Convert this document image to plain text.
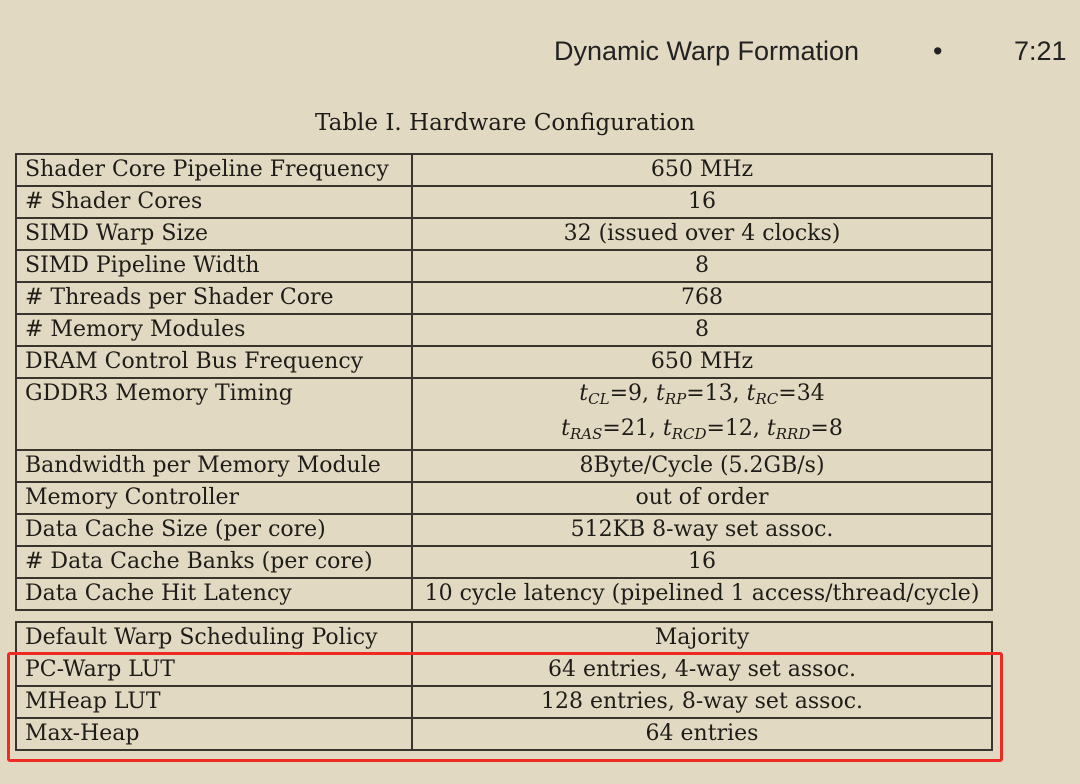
Dynamic Warp Formation	•	7:21
Table I. Hardware Configuration
Shader Core Pipeline Frequency	650 MHz
# Shader Cores	16
SIMD Warp Size	32 (issued over 4 clocks)
SIMD Pipeline Width	8
# Threads per Shader Core	768
# Memory Modules	8
DRAM Control Bus Frequency	650 MHz
GDDR3 Memory Timing	$t_{CL}=9$, $t_{RP}=13$, $t_{RC}=34$
$t_{RAS}=21$, $t_{RCD}=12$, $t_{RRD}=8$

Bandwidth per Memory Module	8Byte/Cycle (5.2GB/s)
Memory Controller	out of order
Data Cache Size (per core)	512KB 8-way set assoc.
# Data Cache Banks (per core)	16
Data Cache Hit Latency	10 cycle latency (pipelined 1 access/thread/cycle)
Default Warp Scheduling Policy	Majority
PC-Warp LUT	64 entries, 4-way set assoc.
MHeap LUT	128 entries, 8-way set assoc.
Max-Heap	64 entries
